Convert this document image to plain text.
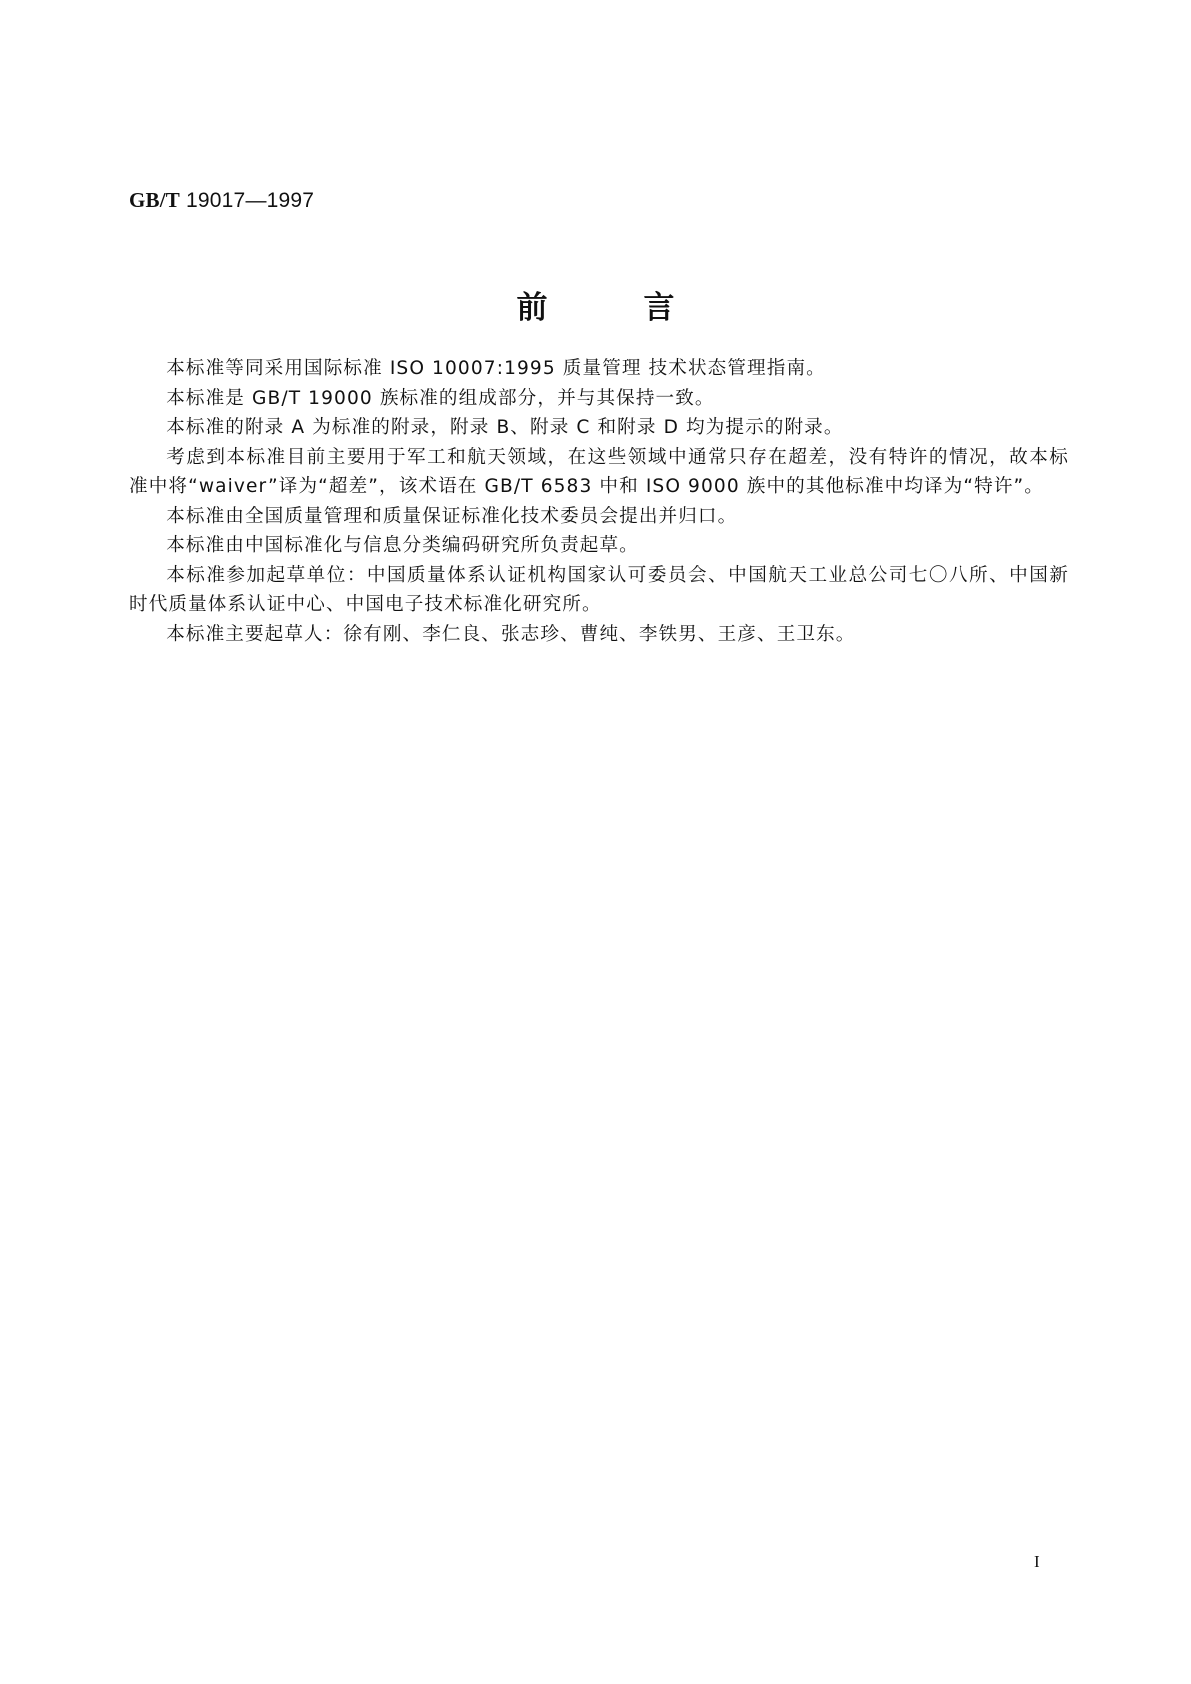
GB/T 19017—1997
前	言

本标准等同采用国际标准 ISO 10007:1995 质量管理 技术状态管理指南。

本标准是 GB/T 19000 族标准的组成部分，并与其保持一致。

本标准的附录 A 为标准的附录，附录 B、附录 C 和附录 D 均为提示的附录。

考虑到本标准目前主要用于军工和航天领域，在这些领域中通常只存在超差，没有特许的情况，故本标准中将“waiver”译为“超差”，该术语在 GB/T 6583 中和 ISO 9000 族中的其他标准中均译为“特许”。

本标准由全国质量管理和质量保证标准化技术委员会提出并归口。

本标准由中国标准化与信息分类编码研究所负责起草。

本标准参加起草单位：中国质量体系认证机构国家认可委员会、中国航天工业总公司七〇八所、中国新时代质量体系认证中心、中国电子技术标准化研究所。

本标准主要起草人：徐有刚、李仁良、张志珍、曹纯、李铁男、王彦、王卫东。

I
